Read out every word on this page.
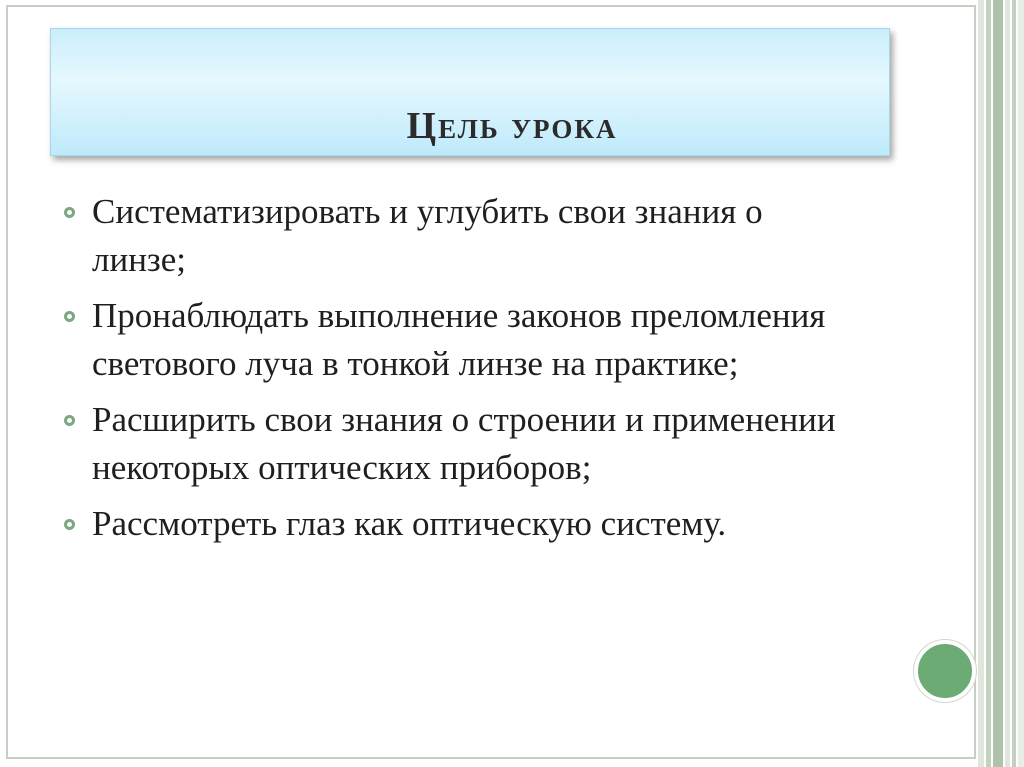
Цель урока
Систематизировать и углубить свои знания о линзе;
Пронаблюдать выполнение законов преломления светового луча в тонкой линзе на практике;
Расширить свои знания о строении и применении некоторых оптических приборов;
Рассмотреть глаз как оптическую систему.
